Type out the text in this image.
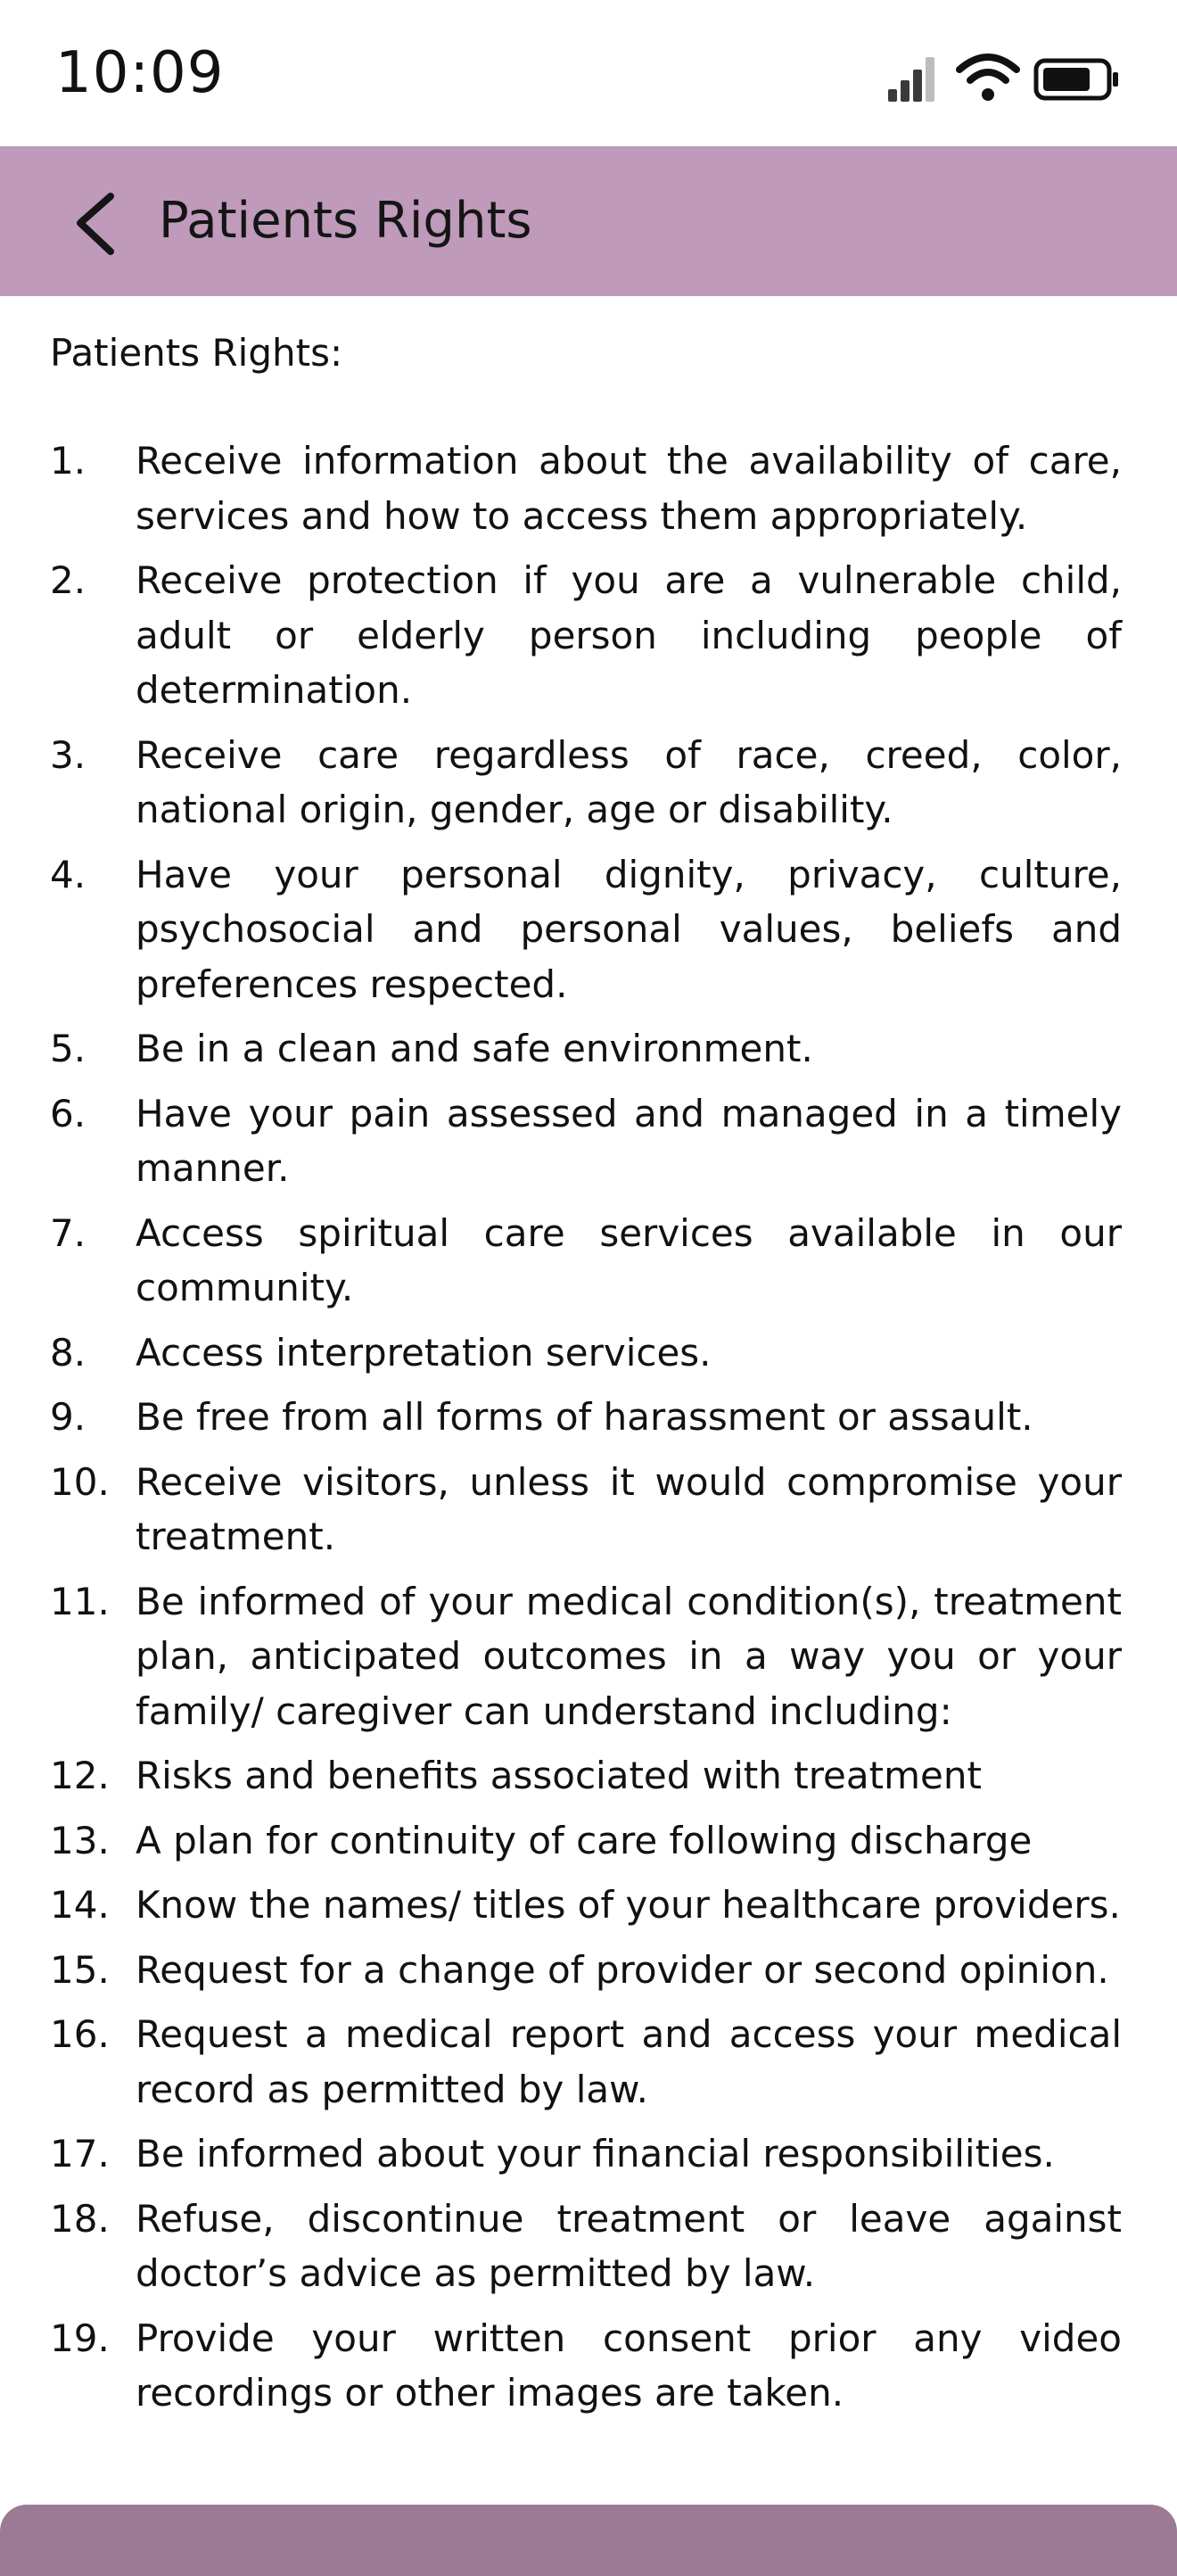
10:09
Patients Rights

Patients Rights:

1. Receive information about the availability of care, services and how to access them appropriately.
2. Receive protection if you are a vulnerable child, adult or elderly person including people of determination.
3. Receive care regardless of race, creed, color, national origin, gender, age or disability.
4. Have your personal dignity, privacy, culture, psychosocial and personal values, beliefs and preferences respected.
5. Be in a clean and safe environment.
6. Have your pain assessed and managed in a timely manner.
7. Access spiritual care services available in our community.
8. Access interpretation services.
9. Be free from all forms of harassment or assault.
10. Receive visitors, unless it would compromise your treatment.
11. Be informed of your medical condition(s), treatment plan, anticipated outcomes in a way you or your family/ caregiver can understand including:
12. Risks and benefits associated with treatment
13. A plan for continuity of care following discharge
14. Know the names/ titles of your healthcare providers.
15. Request for a change of provider or second opinion.
16. Request a medical report and access your medical record as permitted by law.
17. Be informed about your financial responsibilities.
18. Refuse, discontinue treatment or leave against doctor’s advice as permitted by law.
19. Provide your written consent prior any video recordings or other images are taken.
